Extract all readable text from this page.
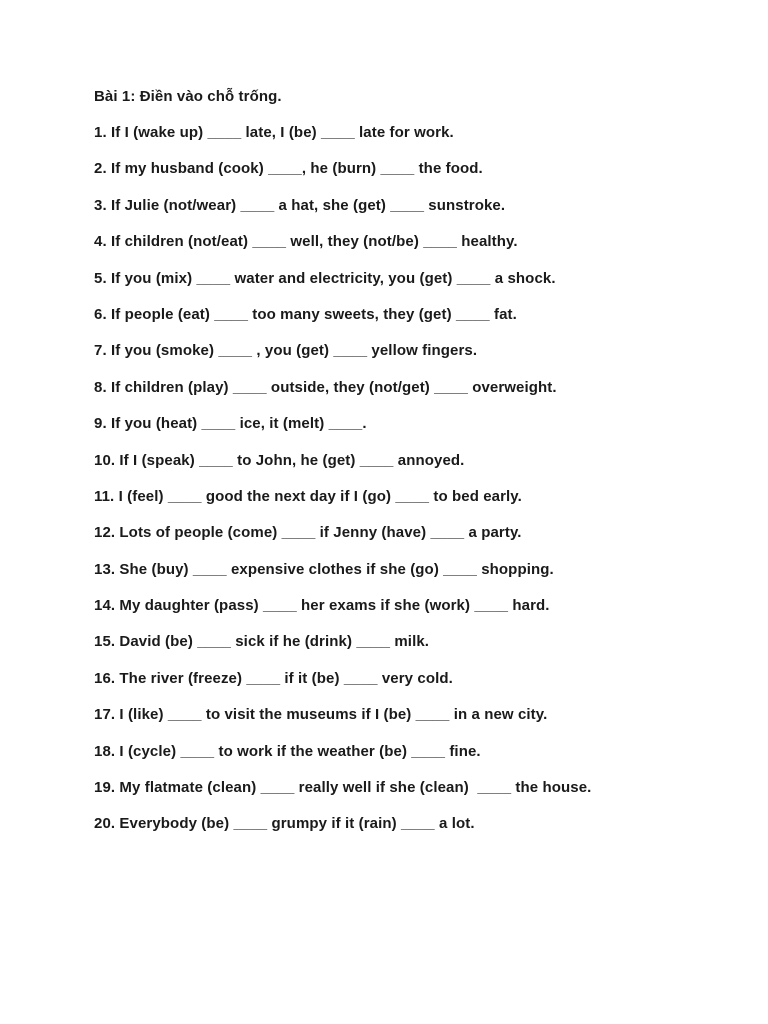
Bài 1: Điền vào chỗ trống.
1. If I (wake up) ____ late, I (be) ____ late for work.
2. If my husband (cook) ____, he (burn) ____ the food.
3. If Julie (not/wear) ____ a hat, she (get) ____ sunstroke.
4. If children (not/eat) ____ well, they (not/be) ____ healthy.
5. If you (mix) ____ water and electricity, you (get) ____ a shock.
6. If people (eat) ____ too many sweets, they (get) ____ fat.
7. If you (smoke) ____ , you (get) ____ yellow fingers.
8. If children (play) ____ outside, they (not/get) ____ overweight.
9. If you (heat) ____ ice, it (melt) ____.
10. If I (speak) ____ to John, he (get) ____ annoyed.
11. I (feel) ____ good the next day if I (go) ____ to bed early.
12. Lots of people (come) ____ if Jenny (have) ____ a party.
13. She (buy) ____ expensive clothes if she (go) ____ shopping.
14. My daughter (pass) ____ her exams if she (work) ____ hard.
15. David (be) ____ sick if he (drink) ____ milk.
16. The river (freeze) ____ if it (be) ____ very cold.
17. I (like) ____ to visit the museums if I (be) ____ in a new city.
18. I (cycle) ____ to work if the weather (be) ____ fine.
19. My flatmate (clean) ____ really well if she (clean)  ____ the house.
20. Everybody (be) ____ grumpy if it (rain) ____ a lot.
